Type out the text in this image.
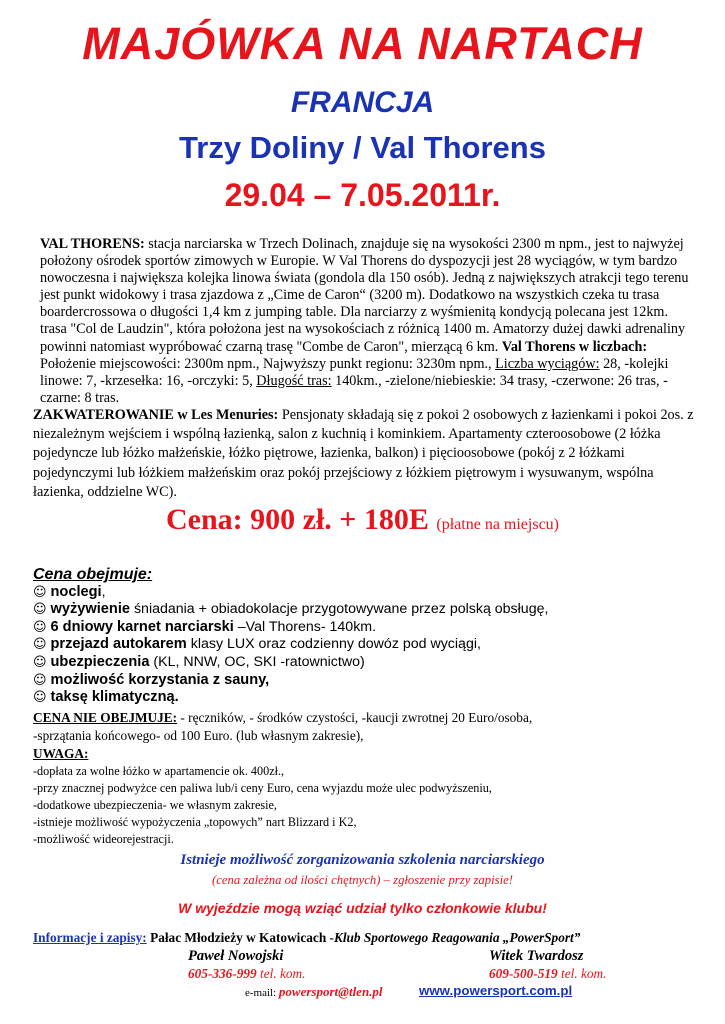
MAJÓWKA NA NARTACH
FRANCJA
Trzy Doliny / Val Thorens
29.04 – 7.05.2011r.
VAL THORENS: stacja narciarska w Trzech Dolinach, znajduje się na wysokości 2300 m npm., jest to najwyżej położony ośrodek sportów zimowych w Europie. W Val Thorens do dyspozycji jest 28 wyciągów, w tym bardzo nowoczesna i największa kolejka linowa świata (gondola dla 150 osób). Jedną z największych atrakcji tego terenu jest punkt widokowy i trasa zjazdowa z „Cime de Caron“ (3200 m). Dodatkowo na wszystkich czeka tu trasa boardercrossowa o długości 1,4 km z jumping table. Dla narciarzy z wyśmienitą kondycją polecana jest 12km. trasa "Col de Laudzin", która położona jest na wysokościach z różnicą 1400 m. Amatorzy dużej dawki adrenaliny powinni natomiast wypróbować czarną trasę "Combe de Caron", mierzącą 6 km. Val Thorens w liczbach: Położenie miejscowości: 2300m npm., Najwyższy punkt regionu: 3230m npm., Liczba wyciągów: 28, -kolejki linowe: 7, -krzesełka: 16, -orczyki: 5, Długość tras: 140km., -zielone/niebieskie: 34 trasy, -czerwone: 26 tras, -czarne: 8 tras.
ZAKWATEROWANIE w Les Menuries: Pensjonaty składają się z pokoi 2 osobowych z łazienkami i pokoi 2os. z niezależnym wejściem i wspólną łazienką, salon z kuchnią i kominkiem. Apartamenty czteroosobowe (2 łóżka pojedyncze lub łóżko małżeńskie, łóżko piętrowe, łazienka, balkon) i pięcioosobowe (pokój z 2 łóżkami pojedynczymi lub łóżkiem małżeńskim oraz pokój przejściowy z łóżkiem piętrowym i wysuwanym, wspólna łazienka, oddzielne WC).
Cena: 900 zł. + 180E (płatne na miejscu)
Cena obejmuje:
☺ noclegi,
☺ wyżywienie śniadania + obiadokolacje przygotowywane przez polską obsługę,
☺ 6 dniowy karnet narciarski –Val Thorens- 140km.
☺ przejazd autokarem klasy LUX oraz codzienny dowóz pod wyciągi,
☺ ubezpieczenia (KL, NNW, OC, SKI -ratownictwo)
☺ możliwość korzystania z sauny,
☺ taksę klimatyczną.
CENA NIE OBEJMUJE: - ręczników, - środków czystości, -kaucji zwrotnej 20 Euro/osoba,
-sprzątania końcowego- od 100 Euro. (lub własnym zakresie),
UWAGA:
-dopłata za wolne łóżko w apartamencie ok. 400zł.,
-przy znacznej podwyżce cen paliwa lub/i ceny Euro, cena wyjazdu może ulec podwyższeniu,
-dodatkowe ubezpieczenia- we własnym zakresie,
-istnieje możliwość wypożyczenia „topowych” nart Blizzard i K2,
-możliwość wideorejestracji.
Istnieje możliwość zorganizowania szkolenia narciarskiego
(cena zależna od ilości chętnych) – zgłoszenie przy zapisie!
W wyjeździe mogą wziąć udział tylko członkowie klubu!
Informacje i zapisy: Pałac Młodzieży w Katowicach -Klub Sportowego Reagowania „PowerSport”
Paweł Nowojski	Witek Twardosz
605-336-999 tel. kom.	609-500-519 tel. kom.
e-mail: powersport@tlen.pl	www.powersport.com.pl
